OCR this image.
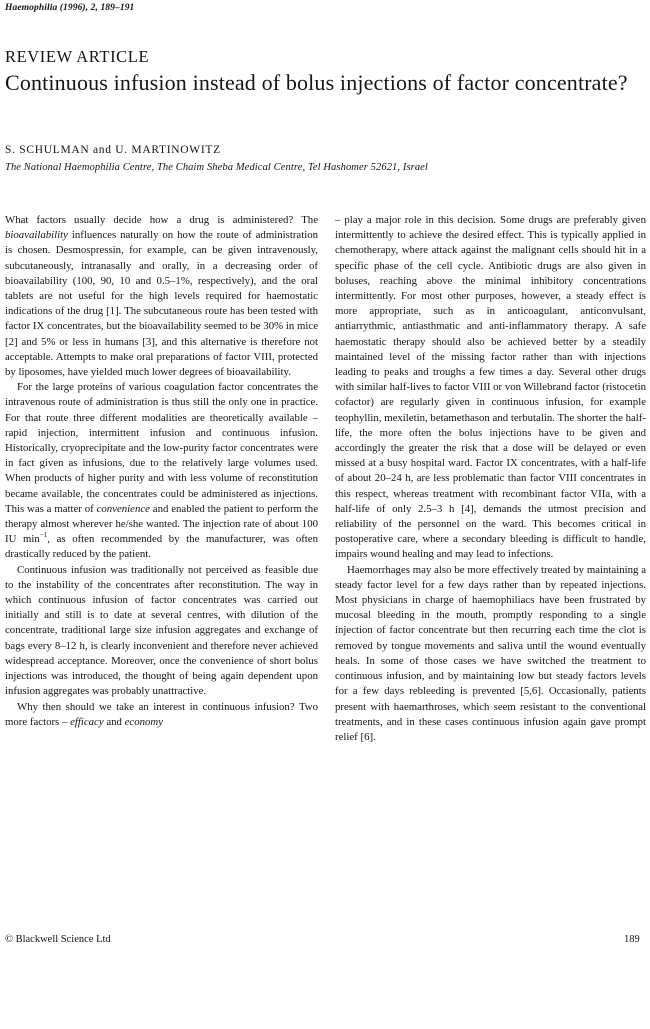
Haemophilia (1996), 2, 189–191
REVIEW ARTICLE
Continuous infusion instead of bolus injections of factor concentrate?
S. SCHULMAN and U. MARTINOWITZ
The National Haemophilia Centre, The Chaim Sheba Medical Centre, Tel Hashomer 52621, Israel

What factors usually decide how a drug is administered? The bioavailability influences naturally on how the route of administration is chosen. Desmospressin, for example, can be given intravenously, subcutaneously, intranasally and orally, in a decreasing order of bioavailability (100, 90, 10 and 0.5–1%, respectively), and the oral tablets are not useful for the high levels required for haemostatic indications of the drug [1]. The subcutaneous route has been tested with factor IX concentrates, but the bioavailability seemed to be 30% in mice [2] and 5% or less in humans [3], and this alternative is therefore not acceptable. Attempts to make oral preparations of factor VIII, protected by liposomes, have yielded much lower degrees of bioavailability.

For the large proteins of various coagulation factor concentrates the intravenous route of administration is thus still the only one in practice. For that route three different modalities are theoretically available – rapid injection, intermittent infusion and continuous infusion. Historically, cryoprecipitate and the low-purity factor concentrates were in fact given as infusions, due to the relatively large volumes used. When products of higher purity and with less volume of reconstitution became available, the concentrates could be administered as injections. This was a matter of convenience and enabled the patient to perform the therapy almost wherever he/she wanted. The injection rate of about 100 IU $\min^{-1}$, as often recommended by the manufacturer, was often drastically reduced by the patient.

Continuous infusion was traditionally not perceived as feasible due to the instability of the concentrates after reconstitution. The way in which continuous infusion of factor concentrates was carried out initially and still is to date at several centres, with dilution of the concentrate, traditional large size infusion aggregates and exchange of bags every 8–12 h, is clearly inconvenient and therefore never achieved widespread acceptance. Moreover, once the convenience of short bolus injections was introduced, the thought of being again dependent upon infusion aggregates was probably unattractive.

Why then should we take an interest in continuous infusion? Two more factors – efficacy and economy

– play a major role in this decision. Some drugs are preferably given intermittently to achieve the desired effect. This is typically applied in chemotherapy, where attack against the malignant cells should hit in a specific phase of the cell cycle. Antibiotic drugs are also given in boluses, reaching above the minimal inhibitory concentrations intermittently. For most other purposes, however, a steady effect is more appropriate, such as in anticoagulant, anticonvulsant, antiarrythmic, antiasthmatic and anti-inflammatory therapy. A safe haemostatic therapy should also be achieved better by a steadily maintained level of the missing factor rather than with injections leading to peaks and troughs a few times a day. Several other drugs with similar half-lives to factor VIII or von Willebrand factor (ristocetin cofactor) are regularly given in continuous infusion, for example teophyllin, mexiletin, betamethason and terbutalin. The shorter the half-life, the more often the bolus injections have to be given and accordingly the greater the risk that a dose will be delayed or even missed at a busy hospital ward. Factor IX concentrates, with a half-life of about 20–24 h, are less problematic than factor VIII concentrates in this respect, whereas treatment with recombinant factor VIIa, with a half-life of only 2.5–3 h [4], demands the utmost precision and reliability of the personnel on the ward. This becomes critical in postoperative care, where a secondary bleeding is difficult to handle, impairs wound healing and may lead to infections.

Haemorrhages may also be more effectively treated by maintaining a steady factor level for a few days rather than by repeated injections. Most physicians in charge of haemophiliacs have been frustrated by mucosal bleeding in the mouth, promptly responding to a single injection of factor concentrate but then recurring each time the clot is removed by tongue movements and saliva until the wound eventually heals. In some of those cases we have switched the treatment to continuous infusion, and by maintaining low but steady factors levels for a few days rebleeding is prevented [5,6]. Occasionally, patients present with haemarthroses, which seem resistant to the conventional treatments, and in these cases continuous infusion again gave prompt relief [6].

© Blackwell Science Ltd	189
